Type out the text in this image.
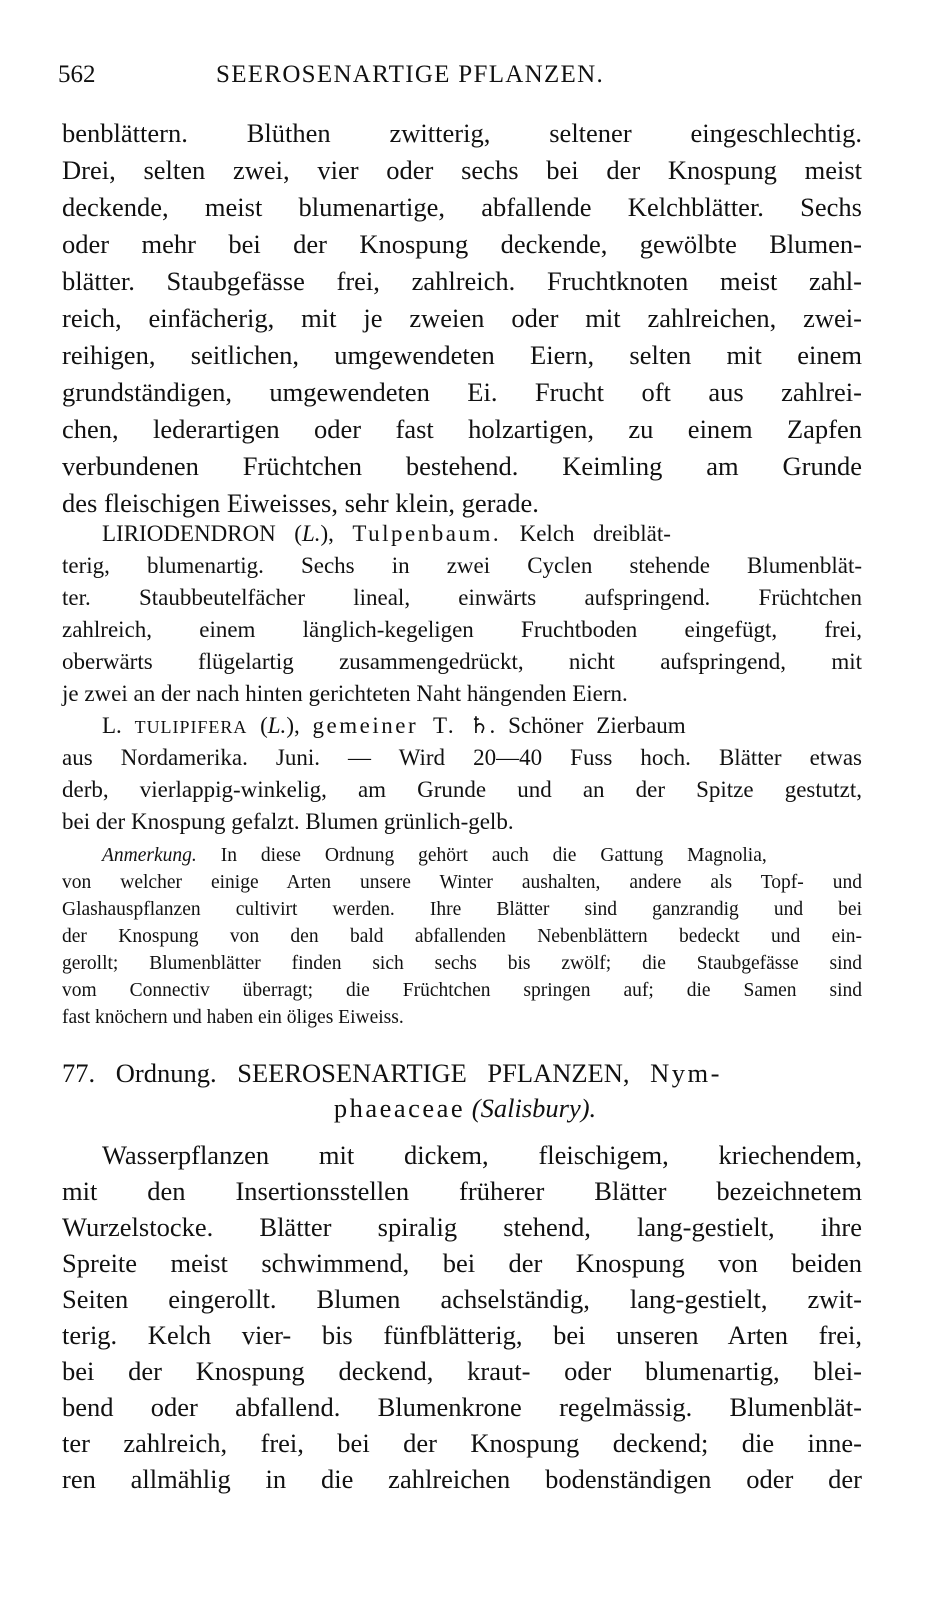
562	SEEROSENARTIGE PFLANZEN.
benblättern. Blüthen zwitterig, seltener eingeschlechtig.
Drei, selten zwei, vier oder sechs bei der Knospung meist
deckende, meist blumenartige, abfallende Kelchblätter. Sechs
oder mehr bei der Knospung deckende, gewölbte Blumen-
blätter. Staubgefässe frei, zahlreich. Fruchtknoten meist zahl-
reich, einfächerig, mit je zweien oder mit zahlreichen, zwei-
reihigen, seitlichen, umgewendeten Eiern, selten mit einem
grundständigen, umgewendeten Ei. Frucht oft aus zahlrei-
chen, lederartigen oder fast holzartigen, zu einem Zapfen
verbundenen Früchtchen bestehend. Keimling am Grunde
des fleischigen Eiweisses, sehr klein, gerade.
LIRIODENDRON (L.), Tulpenbaum. Kelch dreiblät-
terig, blumenartig. Sechs in zwei Cyclen stehende Blumenblät-
ter. Staubbeutelfächer lineal, einwärts aufspringend. Früchtchen
zahlreich, einem länglich-kegeligen Fruchtboden eingefügt, frei,
oberwärts flügelartig zusammengedrückt, nicht aufspringend, mit
je zwei an der nach hinten gerichteten Naht hängenden Eiern.
L. TULIPIFERA (L.), gemeiner T. ♄. Schöner Zierbaum
aus Nordamerika. Juni. — Wird 20—40 Fuss hoch. Blätter etwas
derb, vierlappig-winkelig, am Grunde und an der Spitze gestutzt,
bei der Knospung gefalzt. Blumen grünlich-gelb.
Anmerkung. In diese Ordnung gehört auch die Gattung Magnolia,
von welcher einige Arten unsere Winter aushalten, andere als Topf- und
Glashauspflanzen cultivirt werden. Ihre Blätter sind ganzrandig und bei
der Knospung von den bald abfallenden Nebenblättern bedeckt und ein-
gerollt; Blumenblätter finden sich sechs bis zwölf; die Staubgefässe sind
vom Connectiv überragt; die Früchtchen springen auf; die Samen sind
fast knöchern und haben ein öliges Eiweiss.
77. Ordnung. SEEROSENARTIGE PFLANZEN, Nym-
phaeaceae (Salisbury).
Wasserpflanzen mit dickem, fleischigem, kriechendem,
mit den Insertionsstellen früherer Blätter bezeichnetem
Wurzelstocke. Blätter spiralig stehend, lang-gestielt, ihre
Spreite meist schwimmend, bei der Knospung von beiden
Seiten eingerollt. Blumen achselständig, lang-gestielt, zwit-
terig. Kelch vier- bis fünfblätterig, bei unseren Arten frei,
bei der Knospung deckend, kraut- oder blumenartig, blei-
bend oder abfallend. Blumenkrone regelmässig. Blumenblät-
ter zahlreich, frei, bei der Knospung deckend; die inne-
ren allmählig in die zahlreichen bodenständigen oder der
